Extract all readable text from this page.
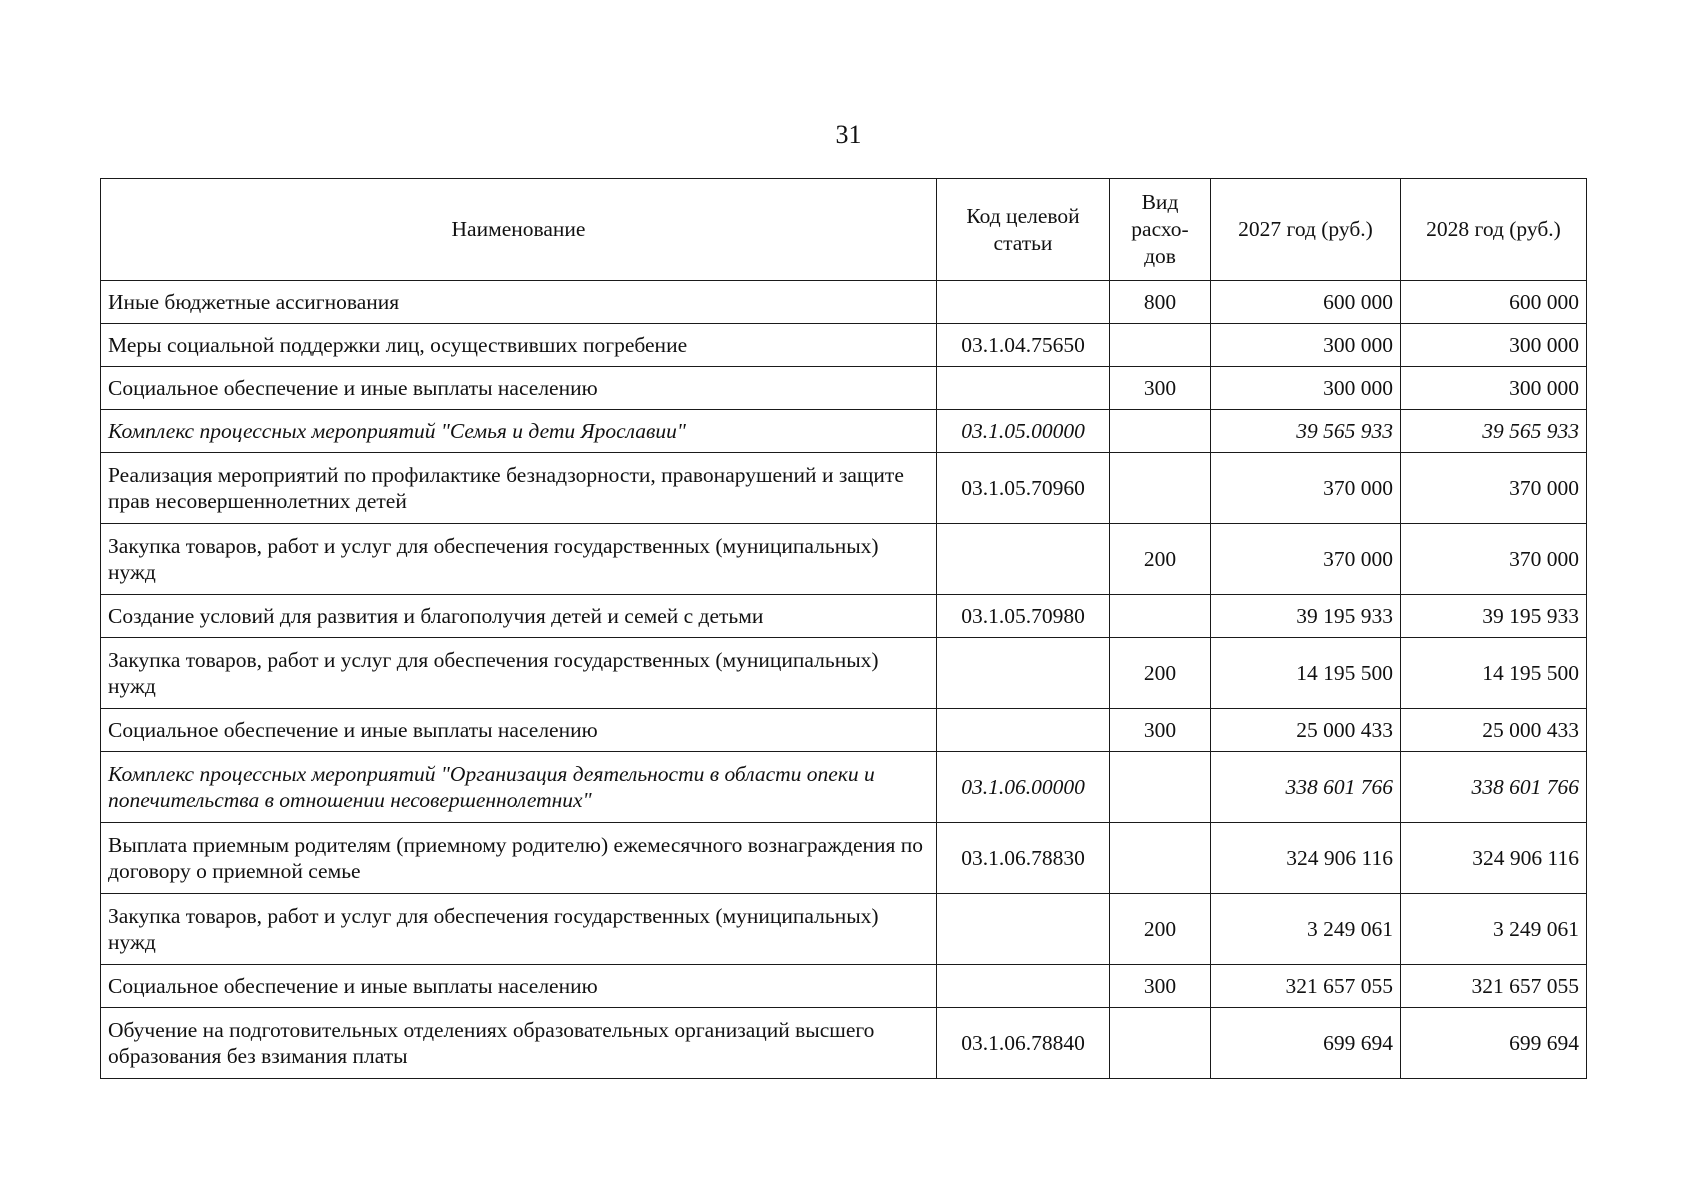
31
Наименование	Код целевой статьи	Вид расхо-дов	2027 год (руб.)	2028 год (руб.)
Иные бюджетные ассигнования		800	600 000	600 000
Меры социальной поддержки лиц, осуществивших погребение	03.1.04.75650		300 000	300 000
Социальное обеспечение и иные выплаты населению		300	300 000	300 000
Комплекс процессных мероприятий "Семья и дети Ярославии"	03.1.05.00000		39 565 933	39 565 933
Реализация мероприятий по профилактике безнадзорности, правонарушений и защите прав несовершеннолетних детей	03.1.05.70960		370 000	370 000
Закупка товаров, работ и услуг для обеспечения государственных (муниципальных) нужд		200	370 000	370 000
Создание условий для развития и благополучия детей и семей с детьми	03.1.05.70980		39 195 933	39 195 933
Закупка товаров, работ и услуг для обеспечения государственных (муниципальных) нужд		200	14 195 500	14 195 500
Социальное обеспечение и иные выплаты населению		300	25 000 433	25 000 433
Комплекс процессных мероприятий "Организация деятельности в области опеки и попечительства в отношении несовершеннолетних"	03.1.06.00000		338 601 766	338 601 766
Выплата приемным родителям (приемному родителю) ежемесячного вознаграждения по договору о приемной семье	03.1.06.78830		324 906 116	324 906 116
Закупка товаров, работ и услуг для обеспечения государственных (муниципальных) нужд		200	3 249 061	3 249 061
Социальное обеспечение и иные выплаты населению		300	321 657 055	321 657 055
Обучение на подготовительных отделениях образовательных организаций высшего образования без взимания платы	03.1.06.78840		699 694	699 694
